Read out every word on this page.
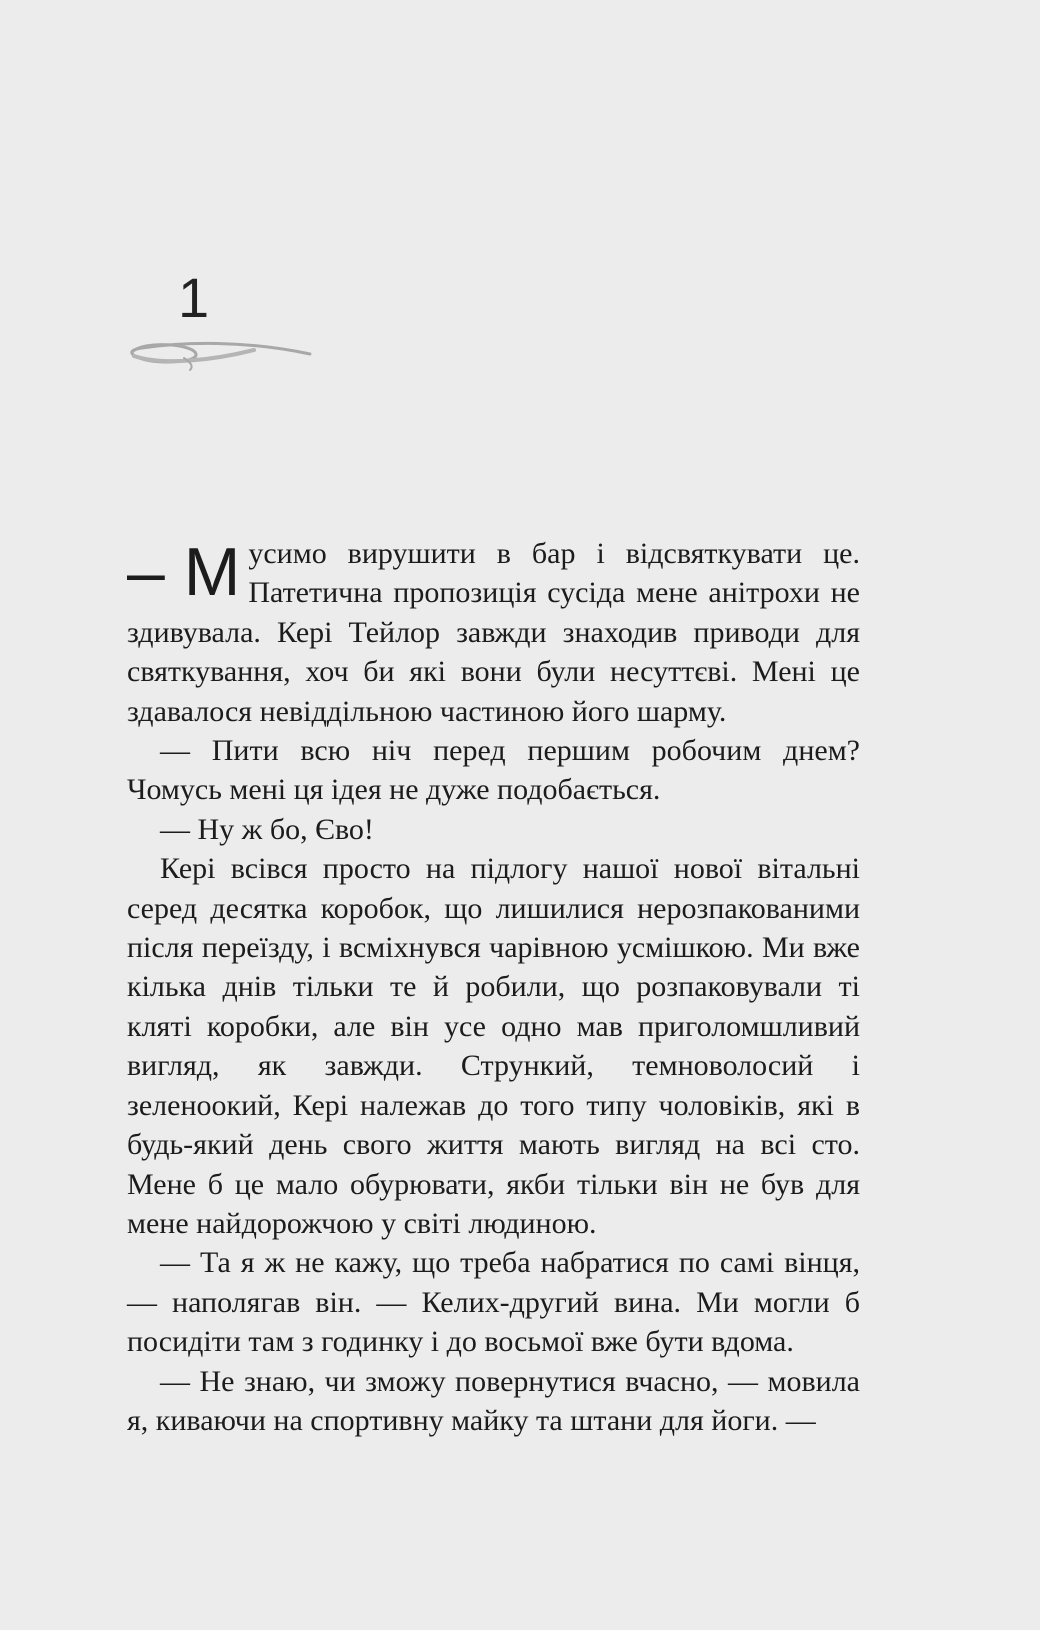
1

– М усимо вирушити в бар і відсвяткувати це. Патетична пропозиція сусіда мене анітрохи не здивувала. Кері Тейлор завжди знаходив приводи для святкування, хоч би які вони були несуттєві. Мені це здавалося невіддільною частиною його шарму.

— Пити всю ніч перед першим робочим днем? Чомусь мені ця ідея не дуже подобається.

— Ну ж бо, Єво!

Кері всівся просто на підлогу нашої нової вітальні серед десятка коробок, що лишилися нерозпакованими після переїзду, і всміхнувся чарівною усмішкою. Ми вже кілька днів тільки те й робили, що розпаковували ті кляті коробки, але він усе одно мав приголомшливий вигляд, як завжди. Стрункий, темноволосий і зеленоокий, Кері належав до того типу чоловіків, які в будь-який день свого життя мають вигляд на всі сто. Мене б це мало обурювати, якби тільки він не був для мене найдорожчою у світі людиною.

— Та я ж не кажу, що треба набратися по самі вінця, — наполягав він. — Келих-другий вина. Ми могли б посидіти там з годинку і до восьмої вже бути вдома.

— Не знаю, чи зможу повернутися вчасно, — мовила я, киваючи на спортивну майку та штани для йоги. —
